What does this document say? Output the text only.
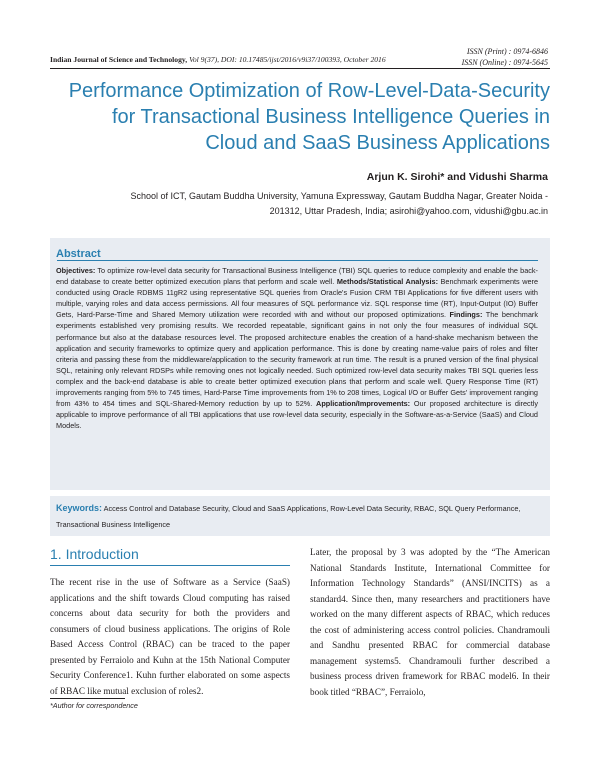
ISSN (Print) : 0974-6846
ISSN (Online) : 0974-5645
Indian Journal of Science and Technology, Vol 9(37), DOI: 10.17485/ijst/2016/v9i37/100393, October 2016
Performance Optimization of Row-Level-Data-Security for Transactional Business Intelligence Queries in Cloud and SaaS Business Applications
Arjun K. Sirohi* and Vidushi Sharma
School of ICT, Gautam Buddha University, Yamuna Expressway, Gautam Buddha Nagar, Greater Noida - 201312, Uttar Pradesh, India; asirohi@yahoo.com, vidushi@gbu.ac.in
Abstract
Objectives: To optimize row-level data security for Transactional Business Intelligence (TBI) SQL queries to reduce complexity and enable the back-end database to create better optimized execution plans that perform and scale well. Methods/Statistical Analysis: Benchmark experiments were conducted using Oracle RDBMS 11gR2 using representative SQL queries from Oracle's Fusion CRM TBI Applications for five different users with multiple, varying roles and data access permissions. All four measures of SQL performance viz. SQL response time (RT), Input-Output (IO) Buffer Gets, Hard-Parse-Time and Shared Memory utilization were recorded with and without our proposed optimizations. Findings: The benchmark experiments established very promising results. We recorded repeatable, significant gains in not only the four measures of individual SQL performance but also at the database resources level. The proposed architecture enables the creation of a hand-shake mechanism between the application and security frameworks to optimize query and application performance. This is done by creating name-value pairs of roles and filter criteria and passing these from the middleware/application to the security framework at run time. The result is a pruned version of the final physical SQL, retaining only relevant RDSPs while removing ones not logically needed. Such optimized row-level data security makes TBI SQL queries less complex and the back-end database is able to create better optimized execution plans that perform and scale well. Query Response Time (RT) improvements ranging from 5% to 745 times, Hard-Parse Time improvements from 1% to 208 times, Logical I/O or Buffer Gets' improvement ranging from 43% to 454 times and SQL-Shared-Memory reduction by up to 52%. Application/Improvements: Our proposed architecture is directly applicable to improve performance of all TBI applications that use row-level data security, especially in the Software-as-a-Service (SaaS) and Cloud Models.
Keywords: Access Control and Database Security, Cloud and SaaS Applications, Row-Level Data Security, RBAC, SQL Query Performance, Transactional Business Intelligence
1. Introduction
The recent rise in the use of Software as a Service (SaaS) applications and the shift towards Cloud computing has raised concerns about data security for both the providers and consumers of cloud business applications. The origins of Role Based Access Control (RBAC) can be traced to the paper presented by Ferraiolo and Kuhn at the 15th National Computer Security Conference1. Kuhn further elaborated on some aspects of RBAC like mutual exclusion of roles2.
Later, the proposal by 3 was adopted by the “The American National Standards Institute, International Committee for Information Technology Standards” (ANSI/INCITS) as a standard4. Since then, many researchers and practitioners have worked on the many different aspects of RBAC, which reduces the cost of administering access control policies. Chandramouli and Sandhu presented RBAC for commercial database management systems5. Chandramouli further described a business process driven framework for RBAC model6. In their book titled “RBAC”, Ferraiolo,
*Author for correspondence
